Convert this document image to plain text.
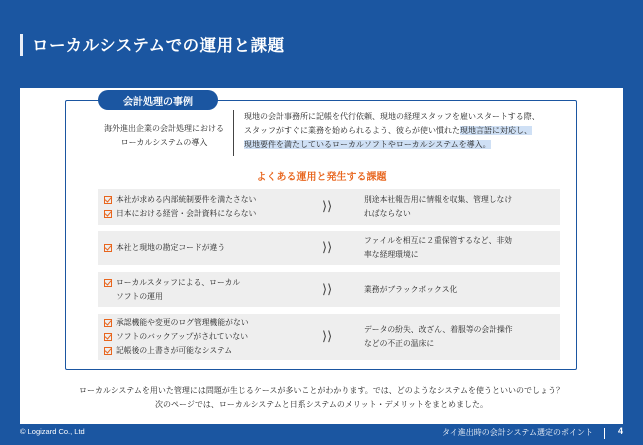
ローカルシステムでの運用と課題
会計処理の事例
海外進出企業の会計処理における
ローカルシステムの導入
現地の会計事務所に記帳を代行依頼、現地の経理スタッフを雇いスタートする際、
スタッフがすぐに業務を始められるよう、彼らが使い慣れた現地言語に対応し、
現地要件を満たしているローカルソフトやローカルシステムを導入。
よくある運用と発生する課題
本社が求める内部統制要件を満たさない
日本における経営・会計資料にならない	⟩⟩	別途本社報告用に情報を収集、管理しなけ
ればならない
本社と現地の勘定コードが違う	⟩⟩	ファイルを相互に２重保管するなど、非効
率な経理環境に
ローカルスタッフによる、ローカル
ソフトの運用	⟩⟩	業務がブラックボックス化
承認機能や変更のログ管理機能がない
ソフトのバックアップがされていない
記帳後の上書きが可能なシステム
⟩⟩	データの紛失、改ざん、着服等の会計操作
などの不正の温床に
ローカルシステムを用いた管理には問題が生じるケースが多いことがわかります。では、どのようなシステムを使うといいのでしょう？
次のページでは、ローカルシステムと日系システムのメリット・デメリットをまとめました。
© Logizard Co., Ltd	タイ進出時の会計システム選定のポイント	4
